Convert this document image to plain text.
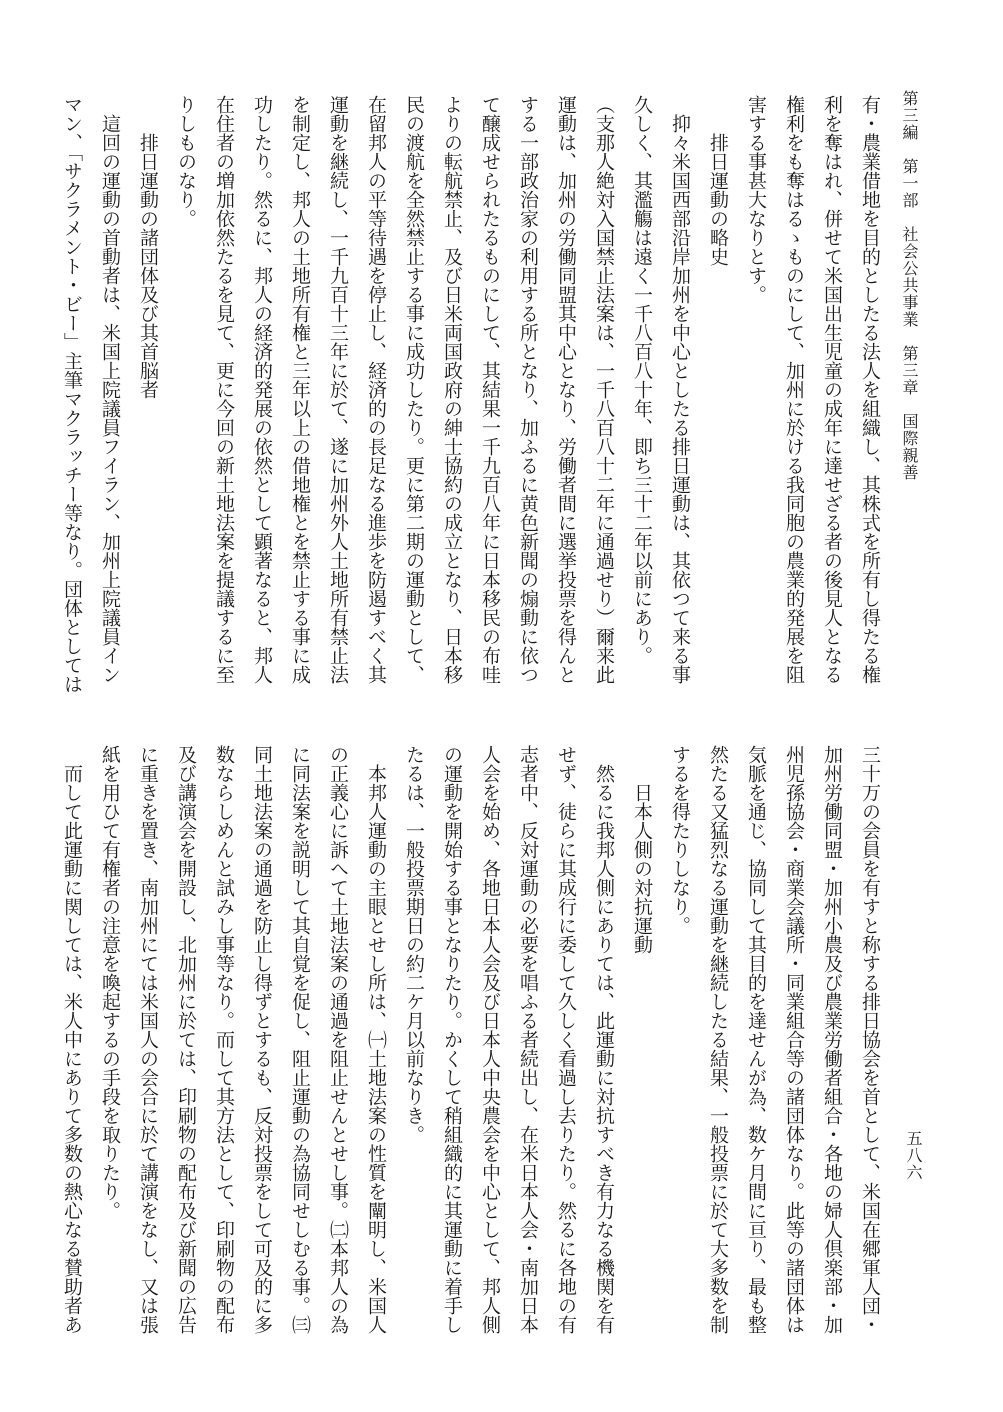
第三編　第一部　社会公共事業　第三章　国際親善
有・農業借地を目的としたる法人を組織し、其株式を所有し得たる権
利を奪はれ、併せて米国出生児童の成年に達せざる者の後見人となる
権利をも奪はるゝものにして、加州に於ける我同胞の農業的発展を阻
害する事甚大なりとす。
　　排日運動の略史
　抑々米国西部沿岸加州を中心としたる排日運動は、其依つて来る事
久しく、其濫觴は遠く一千八百八十年、即ち三十二年以前にあり。
（支那人絶対入国禁止法案は、一千八百八十二年に通過せり）爾来此
運動は、加州の労働同盟其中心となり、労働者間に選挙投票を得んと
する一部政治家の利用する所となり、加ふるに黄色新聞の煽動に依つ
て醸成せられたるものにして、其結果一千九百八年に日本移民の布哇
よりの転航禁止、及び日米両国政府の紳士協約の成立となり、日本移
民の渡航を全然禁止する事に成功したり。更に第二期の運動として、
在留邦人の平等待遇を停止し、経済的の長足なる進歩を防遏すべく其
運動を継続し、一千九百十三年に於て、遂に加州外人土地所有禁止法
を制定し、邦人の土地所有権と三年以上の借地権とを禁止する事に成
功したり。然るに、邦人の経済的発展の依然として顕著なると、邦人
在住者の増加依然たるを見て、更に今回の新土地法案を提議するに至
りしものなり。
　　排日運動の諸団体及び其首脳者
　這回の運動の首動者は、米国上院議員フイラン、加州上院議員イン
マン、「サクラメント・ビー」主筆マクラッチー等なり。団体としては
三十万の会員を有すと称する排日協会を首として、米国在郷軍人団・
加州労働同盟・加州小農及び農業労働者組合・各地の婦人倶楽部・加
州児孫協会・商業会議所・同業組合等の諸団体なり。此等の諸団体は
気脈を通じ、協同して其目的を達せんが為、数ケ月間に亘り、最も整
然たる又猛烈なる運動を継続したる結果、一般投票に於て大多数を制
するを得たりしなり。
　　日本人側の対抗運動
　然るに我邦人側にありては、此運動に対抗すべき有力なる機関を有
せず、徒らに其成行に委して久しく看過し去りたり。然るに各地の有
志者中、反対運動の必要を唱ふる者続出し、在米日本人会・南加日本
人会を始め、各地日本人会及び日本人中央農会を中心として、邦人側
の運動を開始する事となりたり。かくして稍組織的に其運動に着手し
たるは、一般投票期日の約二ケ月以前なりき。
　本邦人運動の主眼とせし所は、㈠土地法案の性質を闡明し、米国人
の正義心に訴へて土地法案の通過を阻止せんとせし事。㈡本邦人の為
に同法案を説明して其自覚を促し、阻止運動の為協同せしむる事。㈢
同土地法案の通過を防止し得ずとするも、反対投票をして可及的に多
数ならしめんと試みし事等なり。而して其方法として、印刷物の配布
及び講演会を開設し、北加州に於ては、印刷物の配布及び新聞の広告
に重きを置き、南加州にては米国人の会合に於て講演をなし、又は張
紙を用ひて有権者の注意を喚起するの手段を取りたり。
　而して此運動に関しては、米人中にありて多数の熱心なる賛助者あ	五八六
